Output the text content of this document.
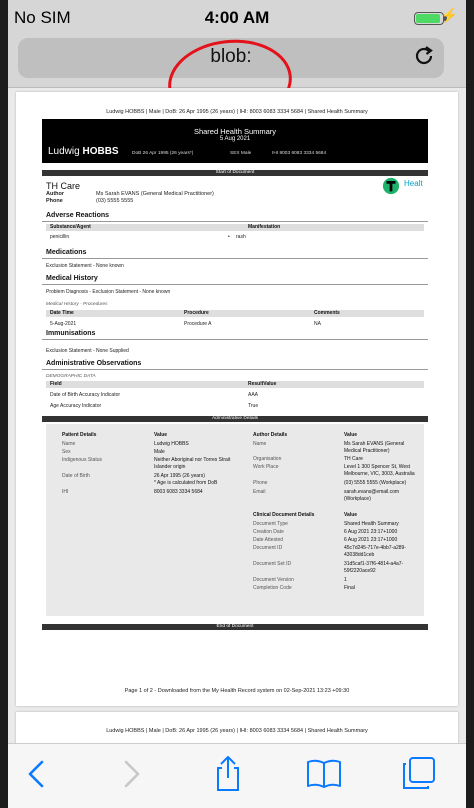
No SIM	4:00 AM	⚡
blob:
Ludwig HOBBS | Male | DoB: 26 Apr 1995 (26 years) | IHI: 8003 6083 3334 5684 | Shared Health Summary
Shared Health Summary
5 Aug 2021
Ludwig HOBBS	DoB 26 Apr 1995 (26 years*)	SEX Male	IHI 8003 6083 3334 5684
Start of Document
TH Care
Author	Ms Sarah EVANS (General Medical Practitioner)
Phone	(03) 5555 5555
Healt
Adverse Reactions
Substance/Agent	Manifestation
penicillin	• rash
Medications
Exclusion Statement - None known
Medical History
Problem Diagnosis - Exclusion Statement - None known
Medical History - Procedures
Date Time	Procedure	Comments
5-Aug-2021	Procedure A	NA
Immunisations
Exclusion Statement - None Supplied
Administrative Observations
DEMOGRAPHIC DATA
Field	ResultValue
Date of Birth Accuracy Indicator	AAA
Age Accuracy Indicator	True
Administrative Details
Patient Details	Value
Name	Ludwig HOBBS
Sex	Male
Indigenous Status	Neither Aboriginal nor Torres Strait Islander origin
Date of Birth	26 Apr 1995 (26 years)
* Age is calculated from DoB
IHI	8003 6083 3334 5684
Author Details	Value
Name	Ms Sarah EVANS (General Medical Practitioner)
Organisation	TH Care
Work Place	Level 1 300 Spencer St, West Melbourne, VIC, 3003, Australia
Phone	(03) 5555 5555 (Workplace)
Email	sarah.evans@email.com (Workplace)
Clinical Document Details	Value
Document Type	Shared Health Summary
Creation Date	6 Aug 2021 23:17+1000
Date Attested	6 Aug 2021 23:17+1000
Document ID	45c7d245-717e-4bb7-a289-43038dd1ceb
Document Set ID	31d5caf1-37f6-4814-a4a7-59f2220ace92
Document Version	1
Completion Code	Final
End of Document
Page 1 of 2 - Downloaded from the My Health Record system on 02-Sep-2021 13:23 +09:30
Ludwig HOBBS | Male | DoB: 26 Apr 1995 (26 years) | IHI: 8003 6083 3334 5684 | Shared Health Summary
